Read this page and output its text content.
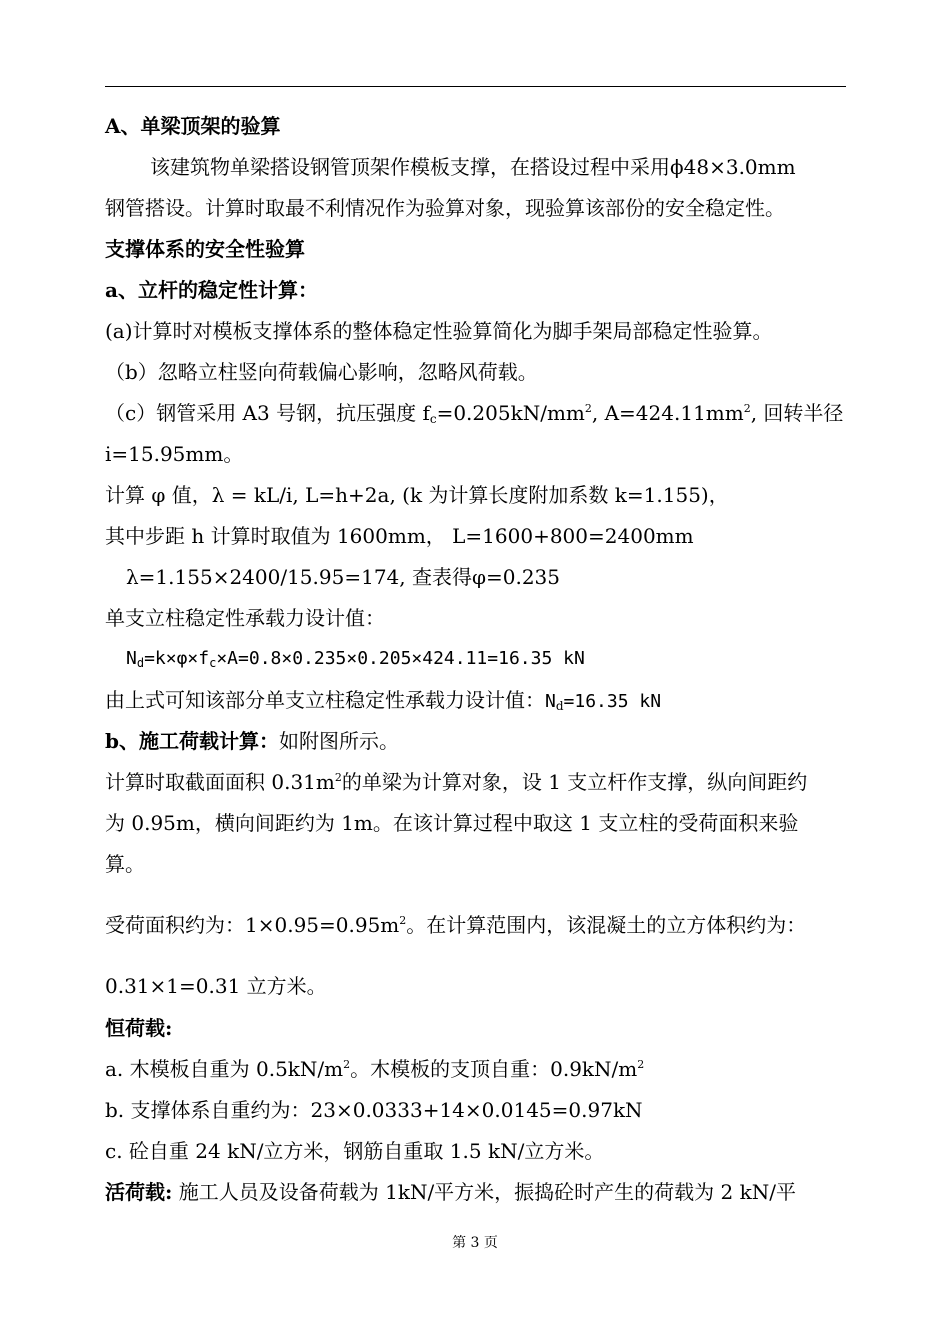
A、单梁顶架的验算
该建筑物单梁搭设钢管顶架作模板支撑，在搭设过程中采用ϕ48×3.0mm
钢管搭设。计算时取最不利情况作为验算对象，现验算该部份的安全稳定性。
支撑体系的安全性验算
a、立杆的稳定性计算：
(a)计算时对模板支撑体系的整体稳定性验算简化为脚手架局部稳定性验算。
（b）忽略立柱竖向荷载偏心影响，忽略风荷载。
（c）钢管采用 A3 号钢，抗压强度 $f_c=0.205kN/mm^2$, $A=424.11mm^2$, 回转半径
i=15.95mm。
计算 φ 值，λ = kL/i, L=h+2a, (k 为计算长度附加系数 k=1.155)，
其中步距 h 计算时取值为 1600mm， L=1600+800=2400mm
λ=1.155×2400/15.95=174, 查表得φ=0.235
单支立柱稳定性承载力设计值：
$N_d=k\times\varphi\times f_c\times A=0.8\times 0.235\times 0.205\times 424.11=16.35$ kN
由上式可知该部分单支立柱稳定性承载力设计值：$N_d=16.35$ kN
b、施工荷载计算：如附图所示。
计算时取截面面积 $0.31m^2$的单梁为计算对象，设 1 支立杆作支撑，纵向间距约
为 0.95m，横向间距约为 1m。在该计算过程中取这 1 支立柱的受荷面积来验
算。
受荷面积约为：$1\times 0.95=0.95m^2$。在计算范围内，该混凝土的立方体积约为：
0.31×1=0.31 立方米。
恒荷载:
a. 木模板自重为 $0.5kN/m^2$。木模板的支顶自重：$0.9kN/m^2$
b. 支撑体系自重约为：23×0.0333+14×0.0145=0.97kN
c. 砼自重 24 kN/立方米，钢筋自重取 1.5 kN/立方米。
活荷载: 施工人员及设备荷载为 1kN/平方米，振捣砼时产生的荷载为 2 kN/平
第 3 页
